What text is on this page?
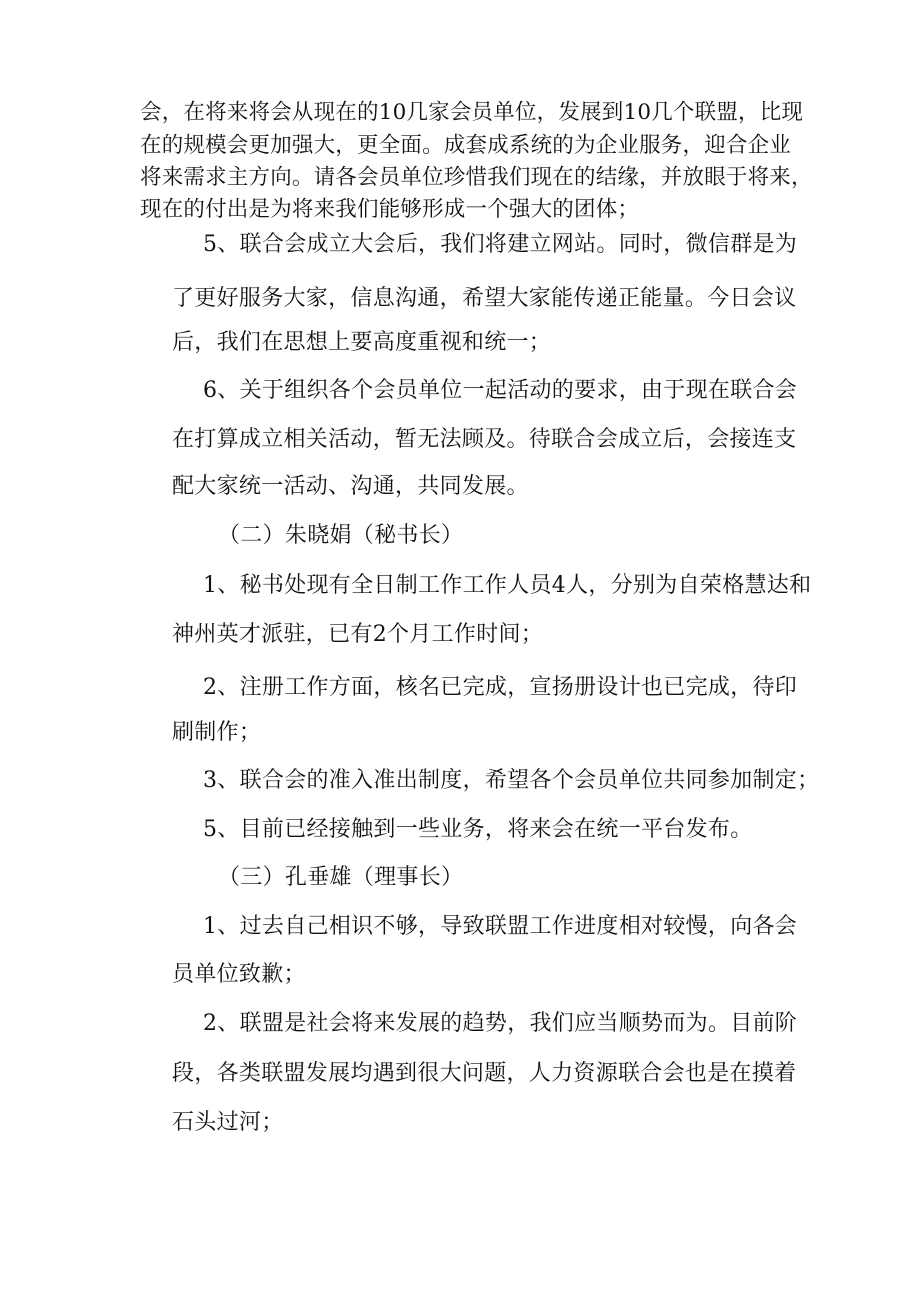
会，在将来将会从现在的10几家会员单位，发展到10几个联盟，比现
在的规模会更加强大，更全面。成套成系统的为企业服务，迎合企业
将来需求主方向。请各会员单位珍惜我们现在的结缘，并放眼于将来，
现在的付出是为将来我们能够形成一个强大的团体；
5、联合会成立大会后，我们将建立网站。同时，微信群是为
了更好服务大家，信息沟通，希望大家能传递正能量。今日会议
后，我们在思想上要高度重视和统一；
6、关于组织各个会员单位一起活动的要求，由于现在联合会
在打算成立相关活动，暂无法顾及。待联合会成立后，会接连支
配大家统一活动、沟通，共同发展。
（二）朱晓娟（秘书长）
1、秘书处现有全日制工作工作人员4人，分别为自荣格慧达和
神州英才派驻，已有2个月工作时间；
2、注册工作方面，核名已完成，宣扬册设计也已完成，待印
刷制作；
3、联合会的准入准出制度，希望各个会员单位共同参加制定；
5、目前已经接触到一些业务，将来会在统一平台发布。
（三）孔垂雄（理事长）
1、过去自己相识不够，导致联盟工作进度相对较慢，向各会
员单位致歉；
2、联盟是社会将来发展的趋势，我们应当顺势而为。目前阶
段，各类联盟发展均遇到很大问题，人力资源联合会也是在摸着
石头过河；
